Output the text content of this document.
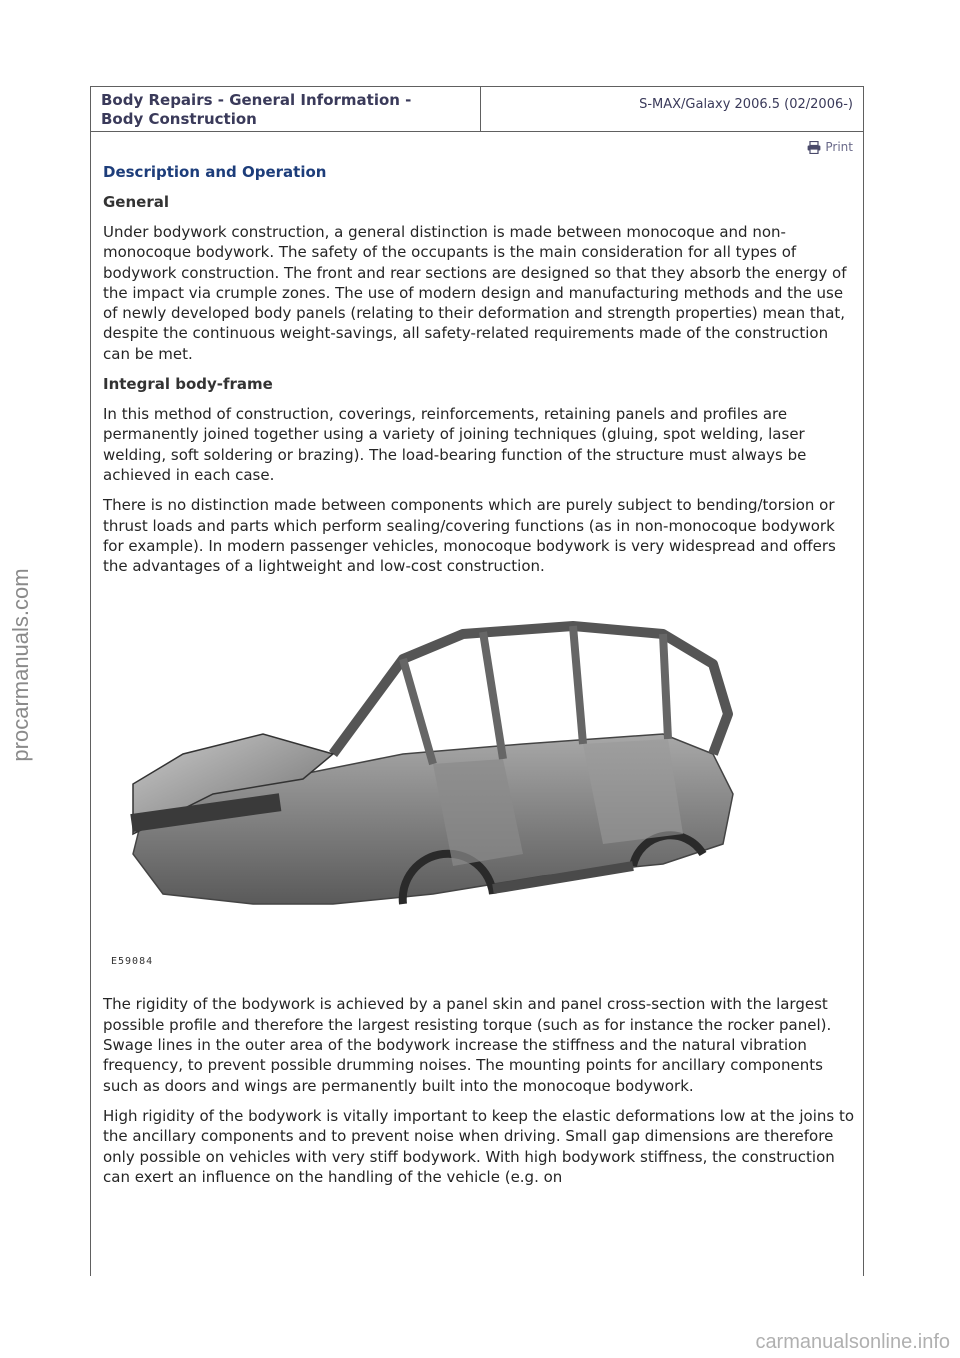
Body Repairs - General Information -
Body Construction
S-MAX/Galaxy 2006.5 (02/2006-)
Print
Description and Operation
General

Under bodywork construction, a general distinction is made between monocoque and non-monocoque bodywork. The safety of the occupants is the main consideration for all types of bodywork construction. The front and rear sections are designed so that they absorb the energy of the impact via crumple zones. The use of modern design and manufacturing methods and the use of newly developed body panels (relating to their deformation and strength properties) mean that, despite the continuous weight-savings, all safety-related requirements made of the construction can be met.

Integral body-frame

In this method of construction, coverings, reinforcements, retaining panels and profiles are permanently joined together using a variety of joining techniques (gluing, spot welding, laser welding, soft soldering or brazing). The load-bearing function of the structure must always be achieved in each case.

There is no distinction made between components which are purely subject to bending/torsion or thrust loads and parts which perform sealing/covering functions (as in non-monocoque bodywork for example). In modern passenger vehicles, monocoque bodywork is very widespread and offers the advantages of a lightweight and low-cost construction.

E59084

The rigidity of the bodywork is achieved by a panel skin and panel cross-section with the largest possible profile and therefore the largest resisting torque (such as for instance the rocker panel). Swage lines in the outer area of the bodywork increase the stiffness and the natural vibration frequency, to prevent possible drumming noises. The mounting points for ancillary components such as doors and wings are permanently built into the monocoque bodywork.

High rigidity of the bodywork is vitally important to keep the elastic deformations low at the joins to the ancillary components and to prevent noise when driving. Small gap dimensions are therefore only possible on vehicles with very stiff bodywork. With high bodywork stiffness, the construction can exert an influence on the handling of the vehicle (e.g. on

procarmanuals.com
carmanualsonline.info
